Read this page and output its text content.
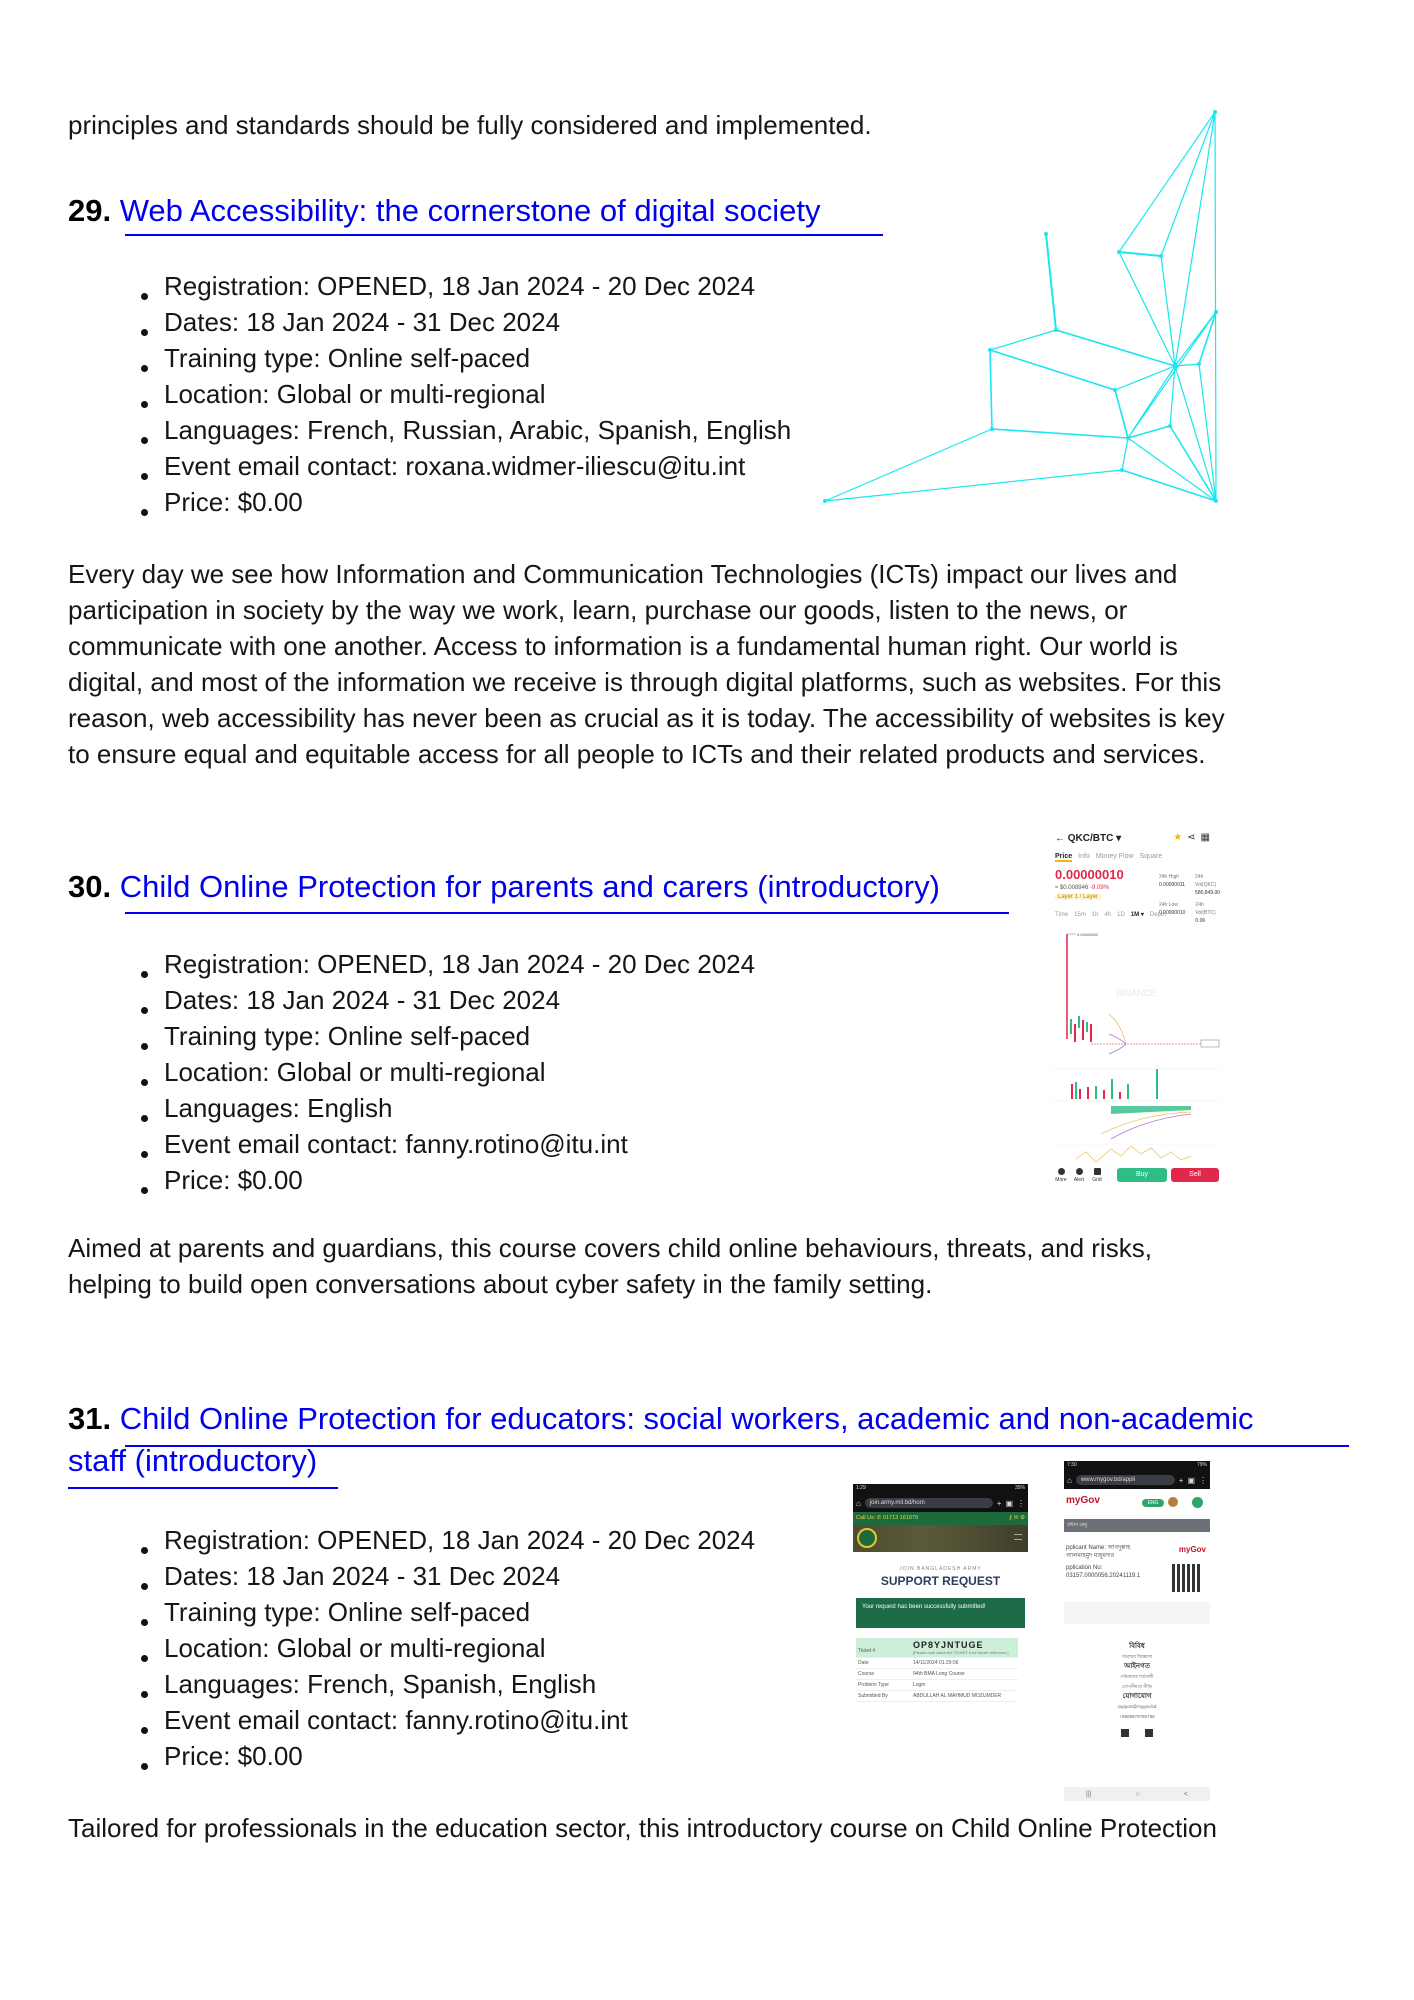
principles and standards should be fully considered and implemented.
29. Web Accessibility: the cornerstone of digital society
Registration: OPENED, 18 Jan 2024 - 20 Dec 2024
Dates: 18 Jan 2024 - 31 Dec 2024
Training type: Online self-paced
Location: Global or multi-regional
Languages: French, Russian, Arabic, Spanish, English
Event email contact: roxana.widmer-iliescu@itu.int
Price: $0.00
Every day we see how Information and Communication Technologies (ICTs) impact our lives and
participation in society by the way we work, learn, purchase our goods, listen to the news, or
communicate with one another. Access to information is a fundamental human right. Our world is
digital, and most of the information we receive is through digital platforms, such as websites. For this
reason, web accessibility has never been as crucial as it is today. The accessibility of websites is key
to ensure equal and equitable access for all people to ICTs and their related products and services.
30. Child Online Protection for parents and carers (introductory)
Registration: OPENED, 18 Jan 2024 - 20 Dec 2024
Dates: 18 Jan 2024 - 31 Dec 2024
Training type: Online self-paced
Location: Global or multi-regional
Languages: English
Event email contact: fanny.rotino@itu.int
Price: $0.00
← QKC/BTC ▾	★⋖▦
Price Info Money Flow Square
0.00000010
≈ $0.008946 -9.09%
Layer 1 / Layer
24h High
0.00000011
24h Vol(QKC)
580,849.00
24h Low
0.00000010
24h Vol(BTC)
0.06
Time 15m 1h 4h 1D 1M ▾ Depth
BINANCE
0.00005832
More	Alert	Grid
Buy	Sell
Aimed at parents and guardians, this course covers child online behaviours, threats, and risks,
helping to build open conversations about cyber safety in the family setting.
31. Child Online Protection for educators: social workers, academic and non-academic
staff (introductory)
Registration: OPENED, 18 Jan 2024 - 20 Dec 2024
Dates: 18 Jan 2024 - 31 Dec 2024
Training type: Online self-paced
Location: Global or multi-regional
Languages: French, Spanish, English
Event email contact: fanny.rotino@itu.int
Price: $0.00
1:29	35%
⌂	join.army.mil.bd/hom	+ ▣ ⋮
Call Us: ✆ 01713 161979	⚷ ✉ ⚙
JOIN BANGLADESH ARMY
SUPPORT REQUEST
Your request has been successfully submitted!
Ticket #	OP8YJNTUGE
[Please note down the TICKET # for future reference.]

Date	14/11/2024 01:29:06
Course	94th BMA Long Course
Problem Type	Login
Submitted By	ABDULLAH AL MAHMUD MOZUMDER
7:30	79%
⌂	www.mygov.bd/appli	+ ▣ ⋮
myGov	ENG
প্রধান মেনু
pplicant Name: আবদুল্লাহ আলমাহমুদ মজুমদার
pplication No:
03157.0000056.20241119.1
myGov
বিবিধ
সচরাচর জিজ্ঞাসা
আইনগত
পরিষেবার শর্তাবলী
গোপনীয়তা নীতি
যোগাযোগ
support@mygov.bd
+8809678785786
|||	○	<
Tailored for professionals in the education sector, this introductory course on Child Online Protection
